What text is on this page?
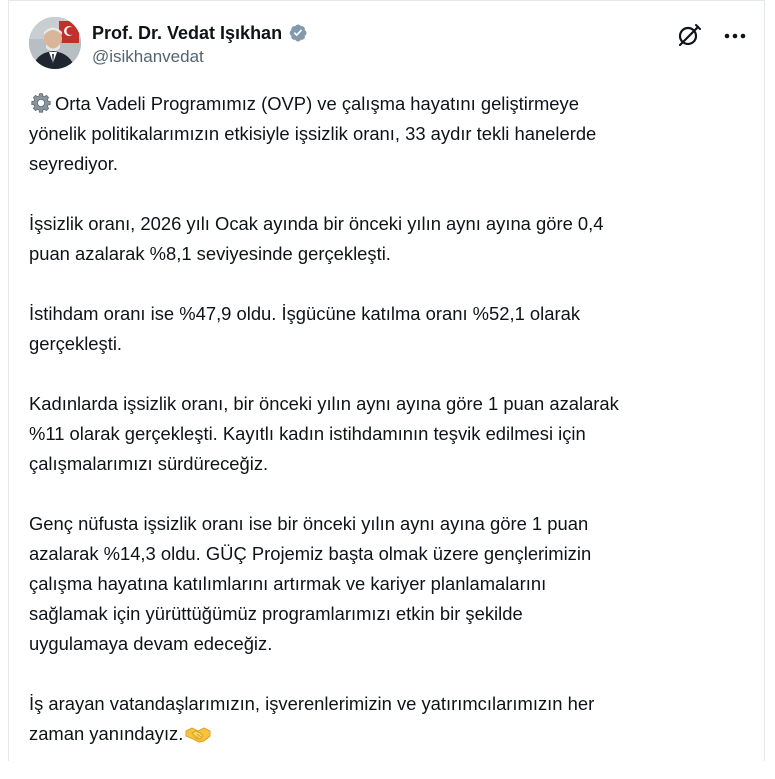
Prof. Dr. Vedat Işıkhan
@isikhanvedat

Orta Vadeli Programımız (OVP) ve çalışma hayatını geliştirmeye
yönelik politikalarımızın etkisiyle işsizlik oranı, 33 aydır tekli hanelerde
seyrediyor.

İşsizlik oranı, 2026 yılı Ocak ayında bir önceki yılın aynı ayına göre 0,4
puan azalarak %8,1 seviyesinde gerçekleşti.

İstihdam oranı ise %47,9 oldu. İşgücüne katılma oranı %52,1 olarak
gerçekleşti.

Kadınlarda işsizlik oranı, bir önceki yılın aynı ayına göre 1 puan azalarak
%11 olarak gerçekleşti. Kayıtlı kadın istihdamının teşvik edilmesi için
çalışmalarımızı sürdüreceğiz.

Genç nüfusta işsizlik oranı ise bir önceki yılın aynı ayına göre 1 puan
azalarak %14,3 oldu. GÜÇ Projemiz başta olmak üzere gençlerimizin
çalışma hayatına katılımlarını artırmak ve kariyer planlamalarını
sağlamak için yürüttüğümüz programlarımızı etkin bir şekilde
uygulamaya devam edeceğiz.

İş arayan vatandaşlarımızın, işverenlerimizin ve yatırımcılarımızın her
zaman yanındayız.
